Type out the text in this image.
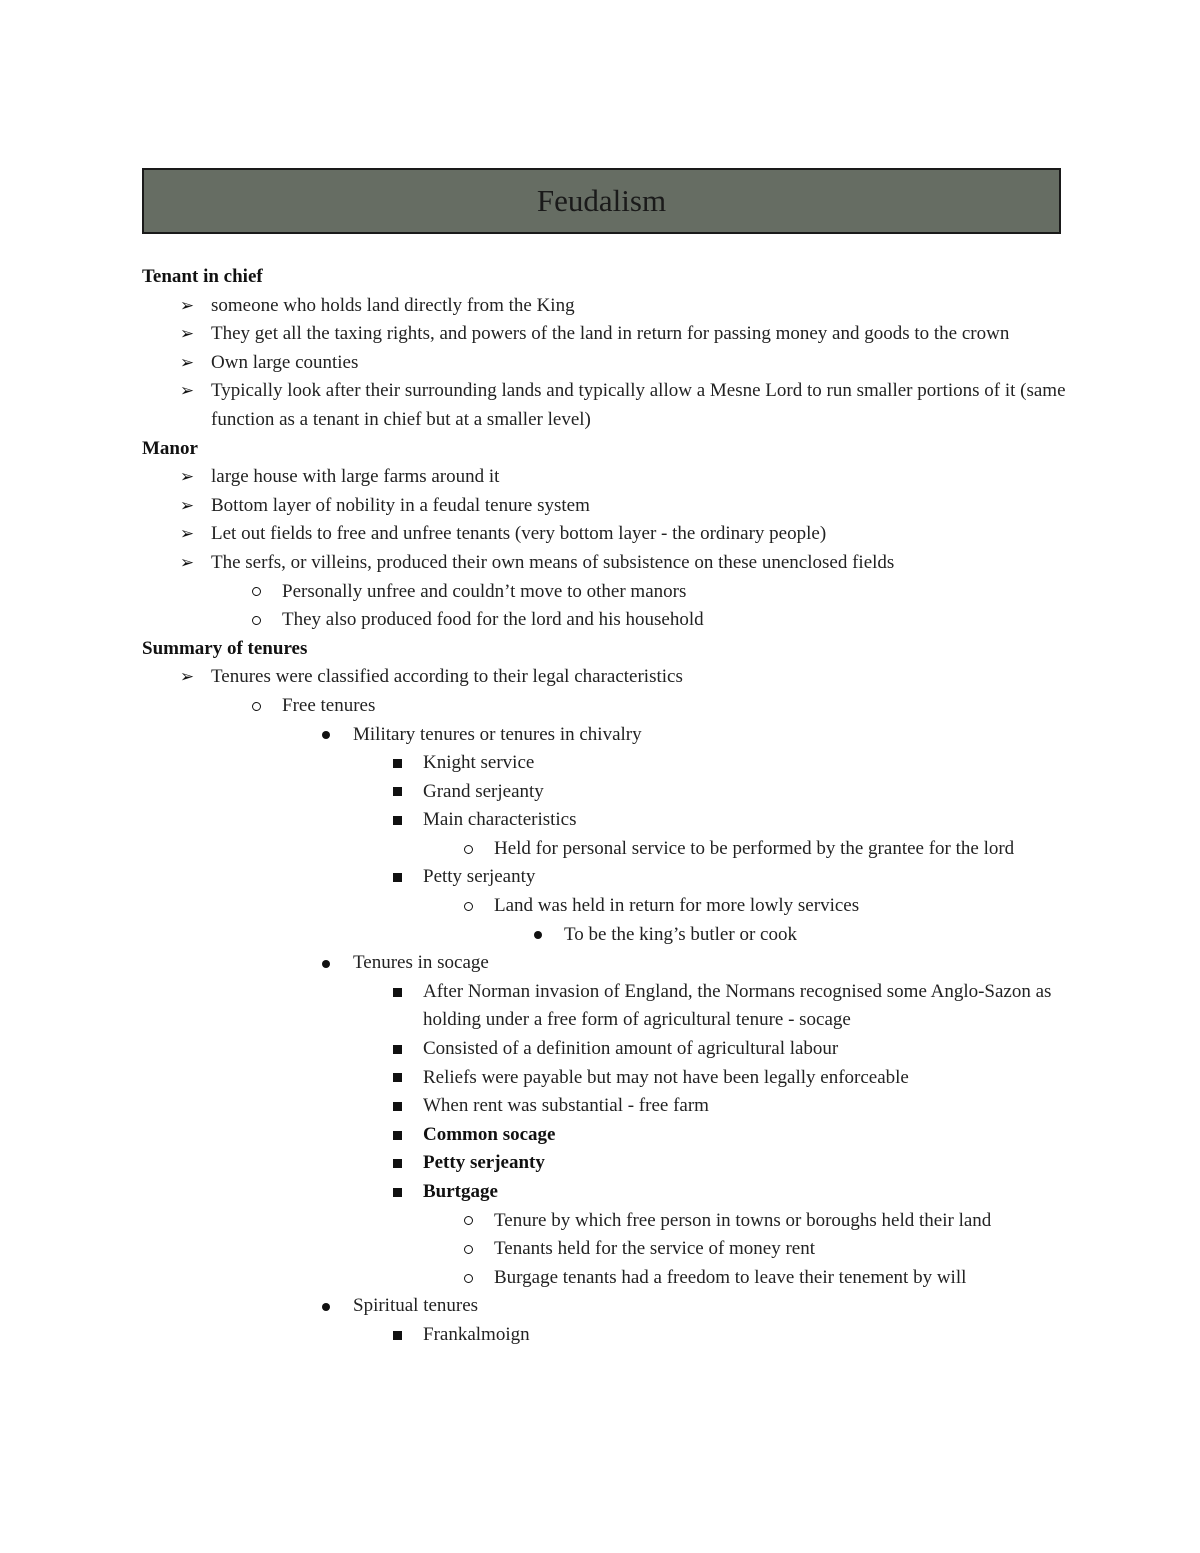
Feudalism
Tenant in chief
➢ someone who holds land directly from the King
➢ They get all the taxing rights, and powers of the land in return for passing money and goods to the crown
➢ Own large counties
➢ Typically look after their surrounding lands and typically allow a Mesne Lord to run smaller portions of it (same function as a tenant in chief but at a smaller level)
Manor
➢ large house with large farms around it
➢ Bottom layer of nobility in a feudal tenure system
➢ Let out fields to free and unfree tenants (very bottom layer - the ordinary people)
➢ The serfs, or villeins, produced their own means of subsistence on these unenclosed fields
Personally unfree and couldn’t move to other manors
They also produced food for the lord and his household
Summary of tenures
➢ Tenures were classified according to their legal characteristics
Free tenures
Military tenures or tenures in chivalry
Knight service
Grand serjeanty
Main characteristics
Held for personal service to be performed by the grantee for the lord
Petty serjeanty
Land was held in return for more lowly services
To be the king’s butler or cook
Tenures in socage
After Norman invasion of England, the Normans recognised some Anglo-Sazon as holding under a free form of agricultural tenure - socage
Consisted of a definition amount of agricultural labour
Reliefs were payable but may not have been legally enforceable
When rent was substantial - free farm
Common socage
Petty serjeanty
Burtgage
Tenure by which free person in towns or boroughs held their land
Tenants held for the service of money rent
Burgage tenants had a freedom to leave their tenement by will
Spiritual tenures
Frankalmoign
